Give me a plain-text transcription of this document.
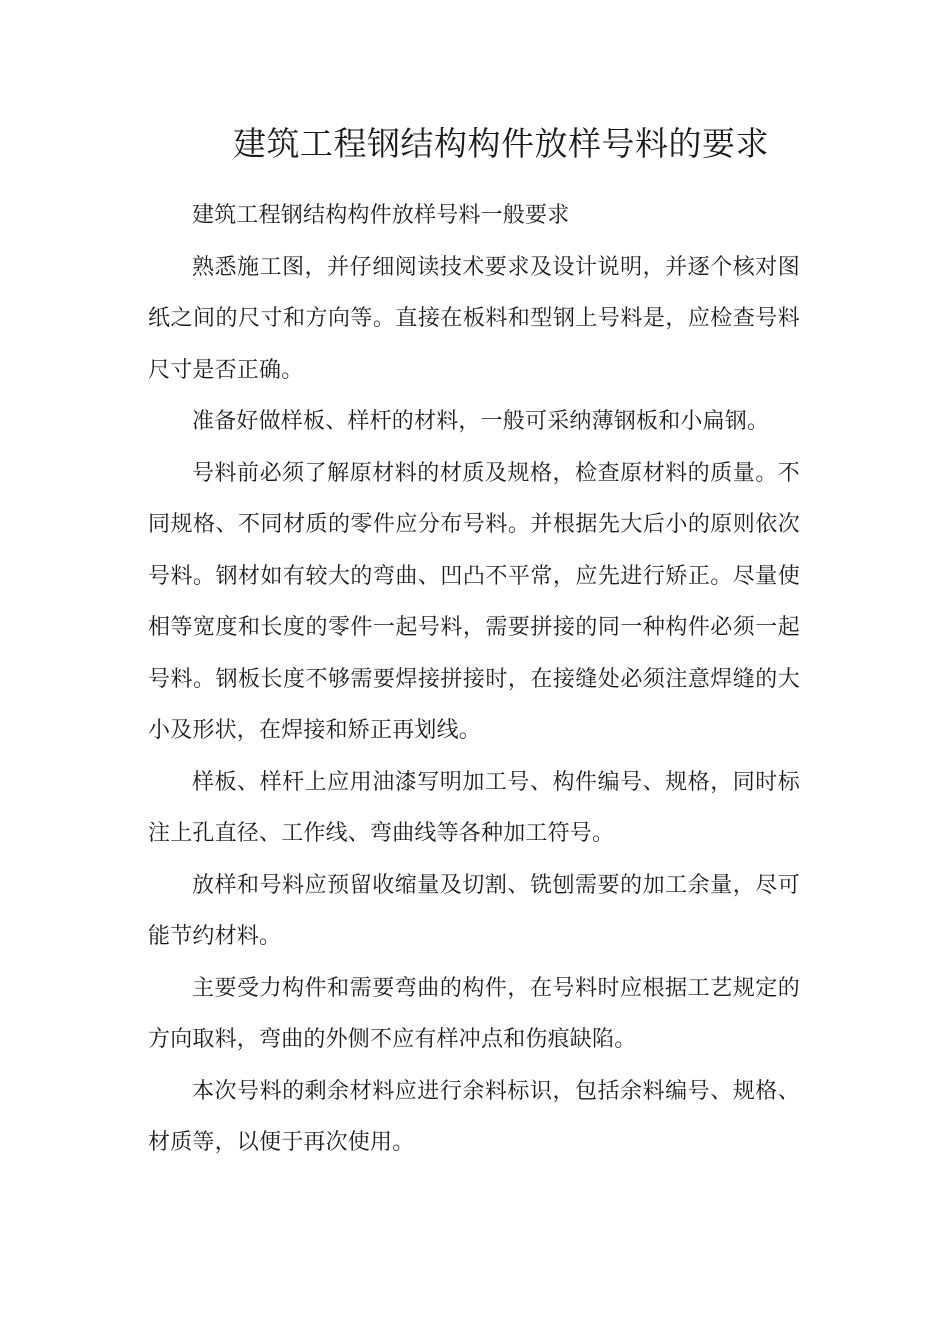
建筑工程钢结构构件放样号料的要求

建筑工程钢结构构件放样号料一般要求

熟悉施工图，并仔细阅读技术要求及设计说明，并逐个核对图纸之间的尺寸和方向等。直接在板料和型钢上号料是，应检查号料尺寸是否正确。

准备好做样板、样杆的材料，一般可采纳薄钢板和小扁钢。

号料前必须了解原材料的材质及规格，检查原材料的质量。不同规格、不同材质的零件应分布号料。并根据先大后小的原则依次号料。钢材如有较大的弯曲、凹凸不平常，应先进行矫正。尽量使相等宽度和长度的零件一起号料，需要拼接的同一种构件必须一起号料。钢板长度不够需要焊接拼接时，在接缝处必须注意焊缝的大小及形状，在焊接和矫正再划线。

样板、样杆上应用油漆写明加工号、构件编号、规格，同时标注上孔直径、工作线、弯曲线等各种加工符号。

放样和号料应预留收缩量及切割、铣刨需要的加工余量，尽可能节约材料。

主要受力构件和需要弯曲的构件，在号料时应根据工艺规定的方向取料，弯曲的外侧不应有样冲点和伤痕缺陷。

本次号料的剩余材料应进行余料标识，包括余料编号、规格、材质等，以便于再次使用。
